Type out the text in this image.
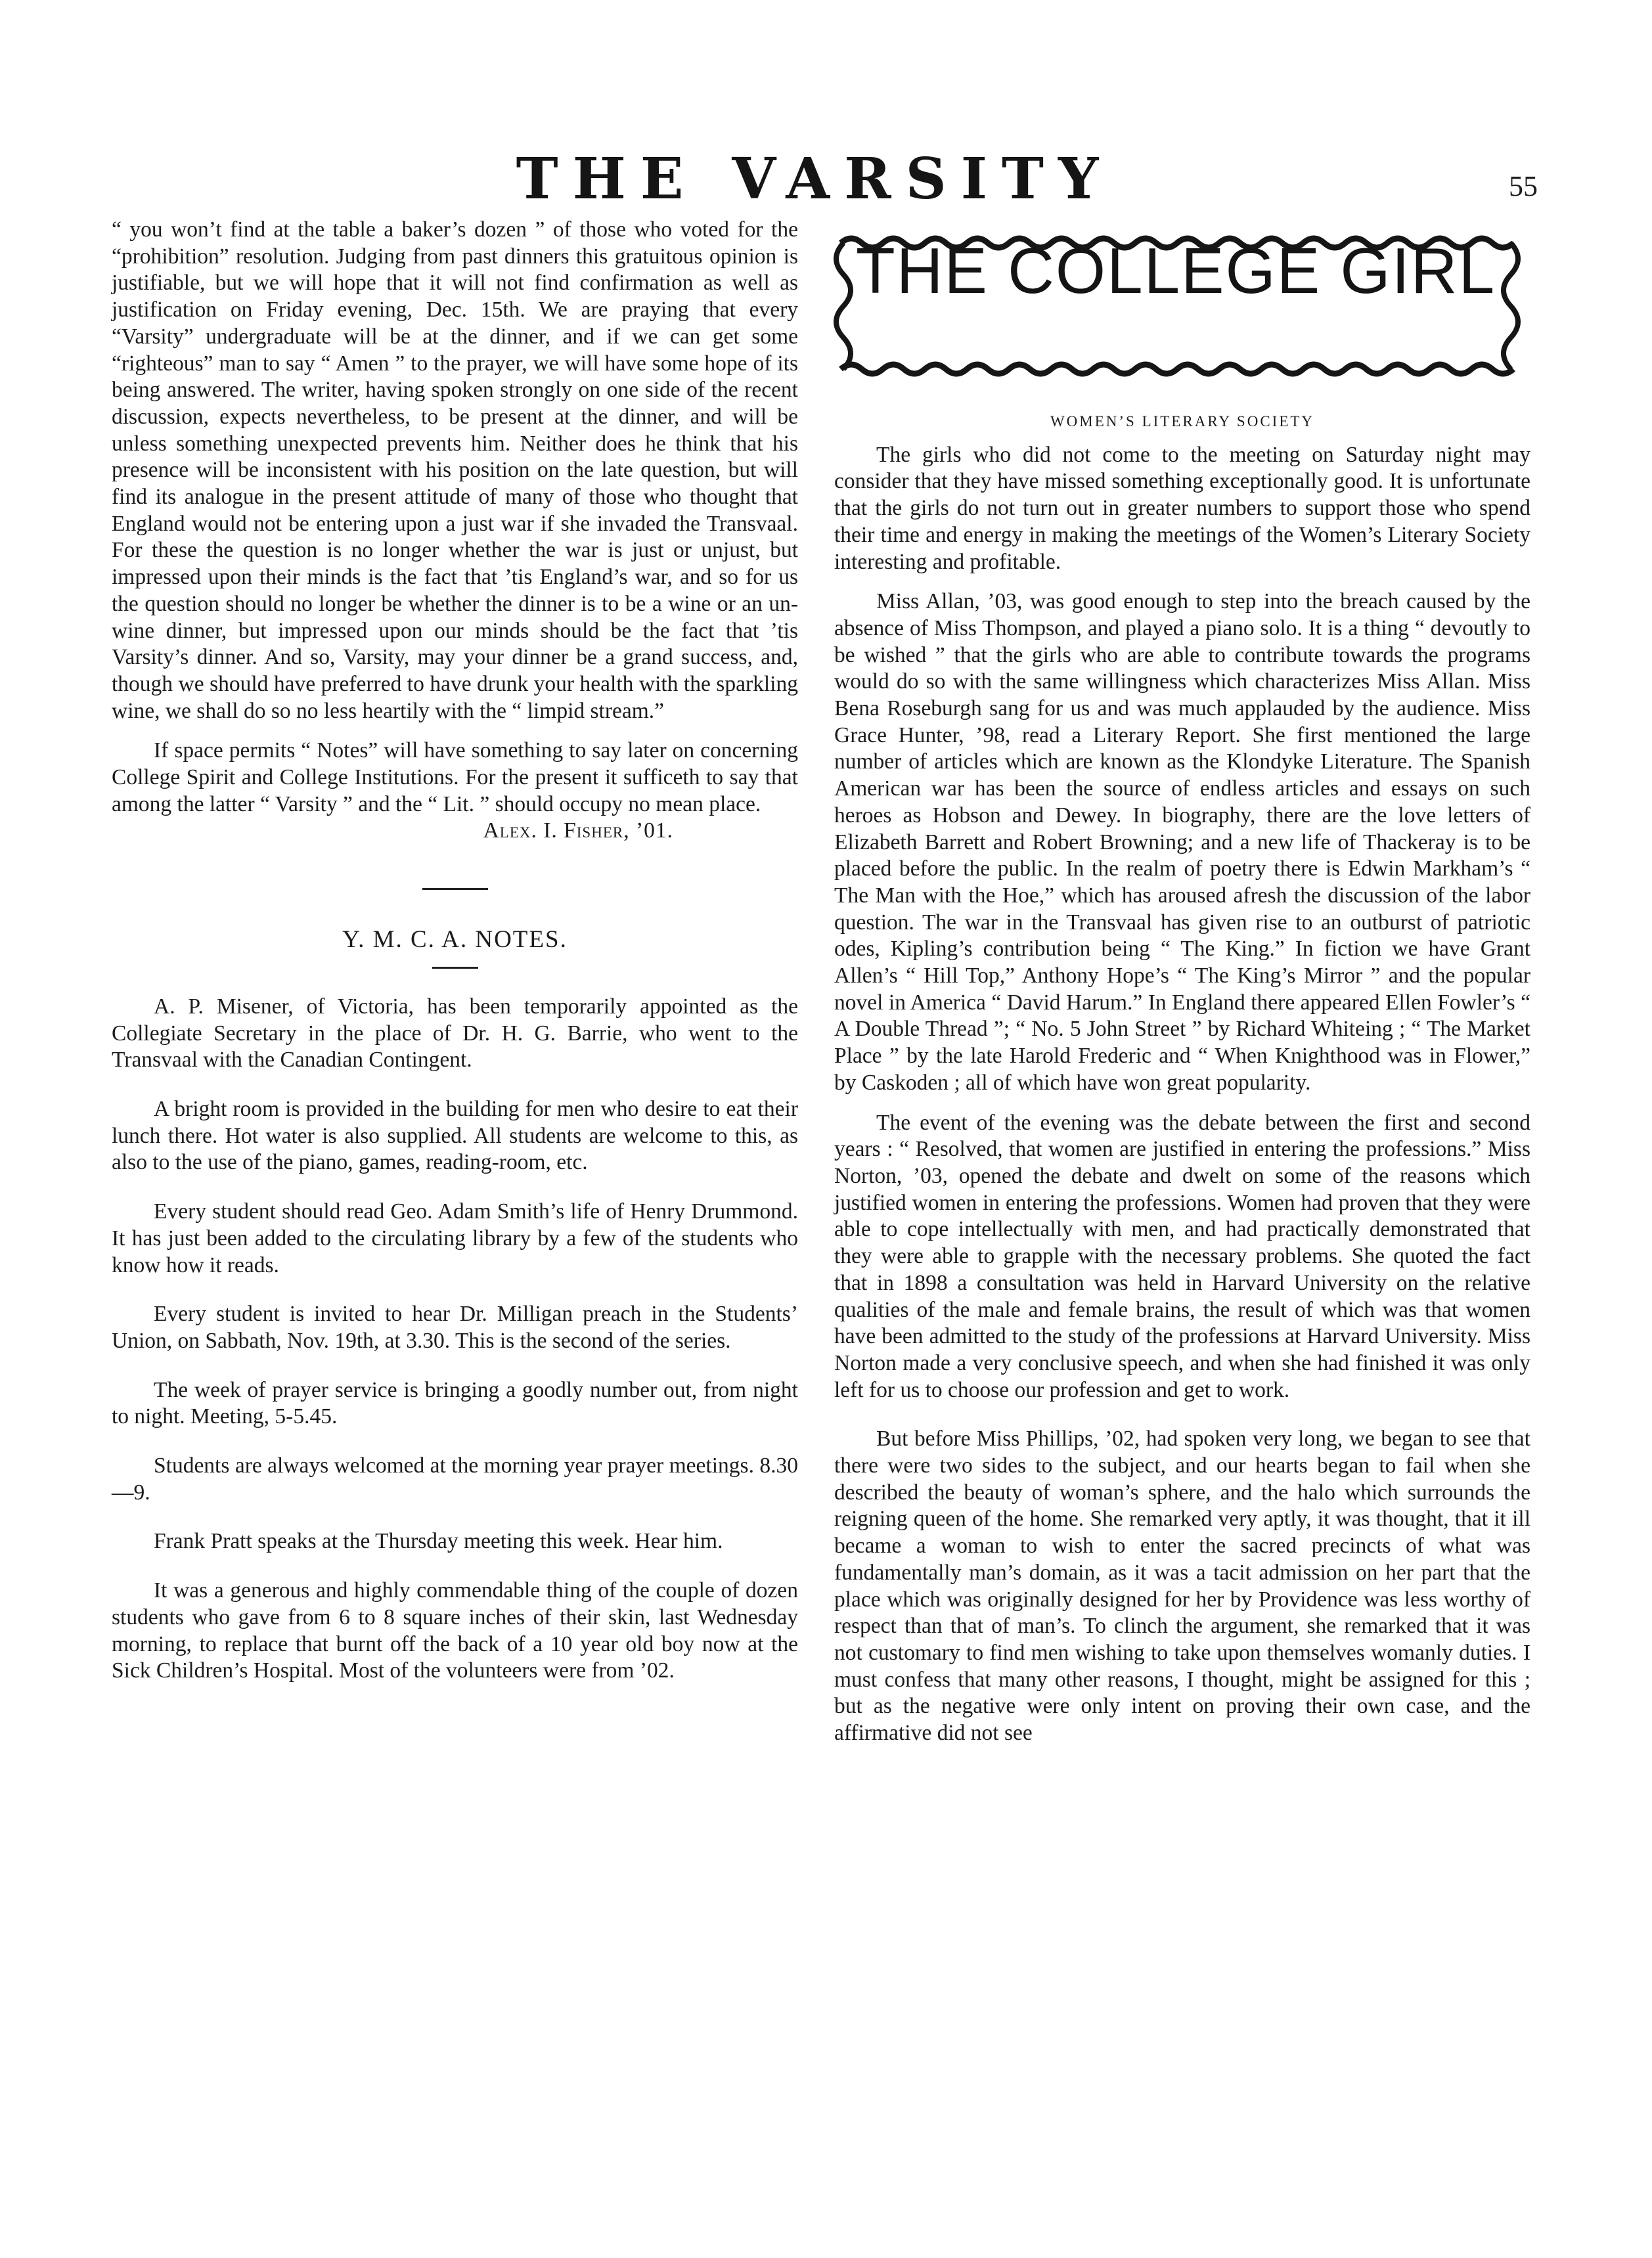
THE VARSITY	55

“ you won’t find at the table a baker’s dozen ” of those who voted for the “prohibition” resolution. Judging from past dinners this gratuitous opinion is justifiable, but we will hope that it will not find confirmation as well as justification on Friday evening, Dec. 15th. We are praying that every “Varsity” undergraduate will be at the dinner, and if we can get some “righteous” man to say “ Amen ” to the prayer, we will have some hope of its being answered. The writer, having spoken strongly on one side of the recent discussion, expects nevertheless, to be present at the dinner, and will be unless something unexpected prevents him. Neither does he think that his presence will be inconsistent with his position on the late question, but will find its analogue in the present attitude of many of those who thought that England would not be entering upon a just war if she invaded the Transvaal. For these the question is no longer whether the war is just or unjust, but impressed upon their minds is the fact that ’tis England’s war, and so for us the question should no longer be whether the dinner is to be a wine or an un-wine dinner, but impressed upon our minds should be the fact that ’tis Varsity’s dinner. And so, Varsity, may your dinner be a grand success, and, though we should have preferred to have drunk your health with the sparkling wine, we shall do so no less heartily with the “ limpid stream.”

If space permits “ Notes” will have something to say later on concerning College Spirit and College Institutions. For the present it sufficeth to say that among the latter “ Varsity ” and the “ Lit. ” should occupy no mean place.

Alex. I. Fisher, ’01.

Y. M. C. A. NOTES.

A. P. Misener, of Victoria, has been temporarily appointed as the Collegiate Secretary in the place of Dr. H. G. Barrie, who went to the Transvaal with the Canadian Contingent.

A bright room is provided in the building for men who desire to eat their lunch there. Hot water is also supplied. All students are welcome to this, as also to the use of the piano, games, reading-room, etc.

Every student should read Geo. Adam Smith’s life of Henry Drummond. It has just been added to the circulating library by a few of the students who know how it reads.

Every student is invited to hear Dr. Milligan preach in the Students’ Union, on Sabbath, Nov. 19th, at 3.30. This is the second of the series.

The week of prayer service is bringing a goodly number out, from night to night. Meeting, 5-5.45.

Students are always welcomed at the morning year prayer meetings. 8.30—9.

Frank Pratt speaks at the Thursday meeting this week. Hear him.

It was a generous and highly commendable thing of the couple of dozen students who gave from 6 to 8 square inches of their skin, last Wednesday morning, to replace that burnt off the back of a 10 year old boy now at the Sick Children’s Hospital. Most of the volunteers were from ’02.

THE COLLEGE GIRL

WOMEN’S LITERARY SOCIETY

The girls who did not come to the meeting on Saturday night may consider that they have missed something exceptionally good. It is unfortunate that the girls do not turn out in greater numbers to support those who spend their time and energy in making the meetings of the Women’s Literary Society interesting and profitable.

Miss Allan, ’03, was good enough to step into the breach caused by the absence of Miss Thompson, and played a piano solo. It is a thing “ devoutly to be wished ” that the girls who are able to contribute towards the programs would do so with the same willingness which characterizes Miss Allan. Miss Bena Roseburgh sang for us and was much applauded by the audience. Miss Grace Hunter, ’98, read a Literary Report. She first mentioned the large number of articles which are known as the Klondyke Literature. The Spanish American war has been the source of endless articles and essays on such heroes as Hobson and Dewey. In biography, there are the love letters of Elizabeth Barrett and Robert Browning; and a new life of Thackeray is to be placed before the public. In the realm of poetry there is Edwin Markham’s “ The Man with the Hoe,” which has aroused afresh the discussion of the labor question. The war in the Transvaal has given rise to an outburst of patriotic odes, Kipling’s contribution being “ The King.” In fiction we have Grant Allen’s “ Hill Top,” Anthony Hope’s “ The King’s Mirror ” and the popular novel in America “ David Harum.” In England there appeared Ellen Fowler’s “ A Double Thread ”; “ No. 5 John Street ” by Richard Whiteing ; “ The Market Place ” by the late Harold Frederic and “ When Knighthood was in Flower,” by Caskoden ; all of which have won great popularity.

The event of the evening was the debate between the first and second years : “ Resolved, that women are justified in entering the professions.” Miss Norton, ’03, opened the debate and dwelt on some of the reasons which justified women in entering the professions. Women had proven that they were able to cope intellectually with men, and had practically demonstrated that they were able to grapple with the necessary problems. She quoted the fact that in 1898 a consultation was held in Harvard University on the relative qualities of the male and female brains, the result of which was that women have been admitted to the study of the professions at Harvard University. Miss Norton made a very conclusive speech, and when she had finished it was only left for us to choose our profession and get to work.

But before Miss Phillips, ’02, had spoken very long, we began to see that there were two sides to the subject, and our hearts began to fail when she described the beauty of woman’s sphere, and the halo which surrounds the reigning queen of the home. She remarked very aptly, it was thought, that it ill became a woman to wish to enter the sacred precincts of what was fundamentally man’s domain, as it was a tacit admission on her part that the place which was originally designed for her by Providence was less worthy of respect than that of man’s. To clinch the argument, she remarked that it was not customary to find men wishing to take upon themselves womanly duties. I must confess that many other reasons, I thought, might be assigned for this ; but as the negative were only intent on proving their own case, and the affirmative did not see
